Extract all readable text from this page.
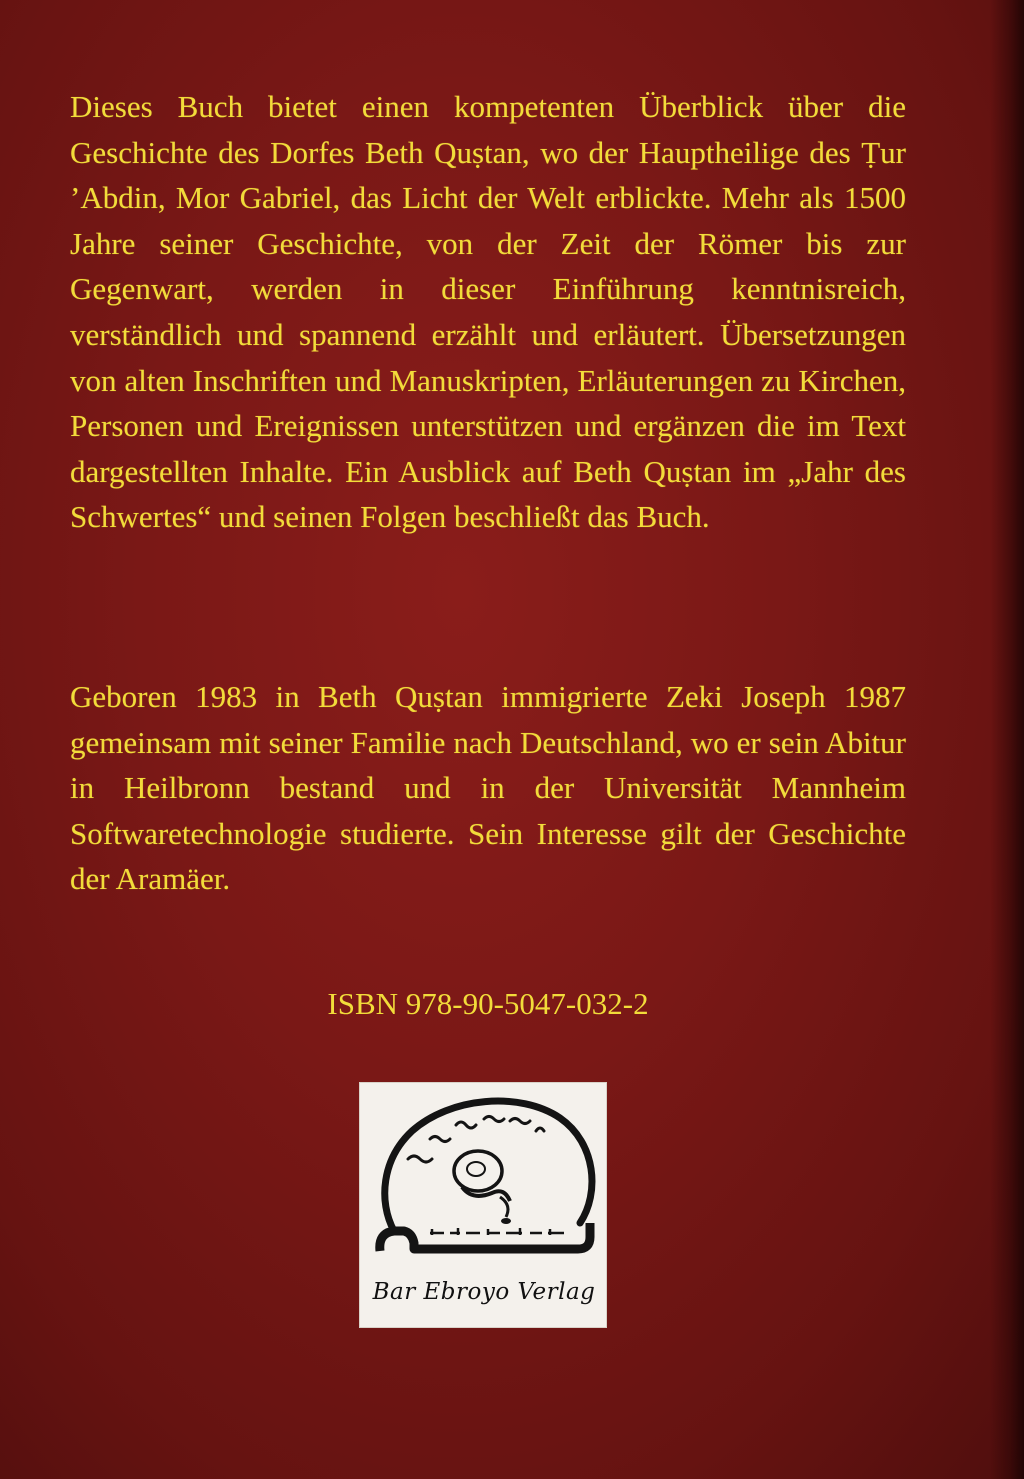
Dieses Buch bietet einen kompetenten Überblick über die Geschichte des Dorfes Beth Quṣtan, wo der Hauptheilige des Ṭur ’Abdin, Mor Gabriel, das Licht der Welt erblickte. Mehr als 1500 Jahre seiner Geschichte, von der Zeit der Römer bis zur Gegenwart, werden in dieser Einführung kenntnisreich, verständlich und spannend erzählt und erläutert. Übersetzungen von alten Inschriften und Manuskripten, Erläuterungen zu Kirchen, Personen und Ereignissen unterstützen und ergänzen die im Text dargestellten Inhalte. Ein Ausblick auf Beth Quṣtan im „Jahr des Schwertes“ und seinen Folgen beschließt das Buch.

Geboren 1983 in Beth Quṣtan immigrierte Zeki Joseph 1987 gemeinsam mit seiner Familie nach Deutschland, wo er sein Abitur in Heilbronn bestand und in der Universität Mannheim Softwaretechnologie studierte. Sein Interesse gilt der Geschichte der Aramäer.

ISBN 978-90-5047-032-2
Bar Ebroyo Verlag
